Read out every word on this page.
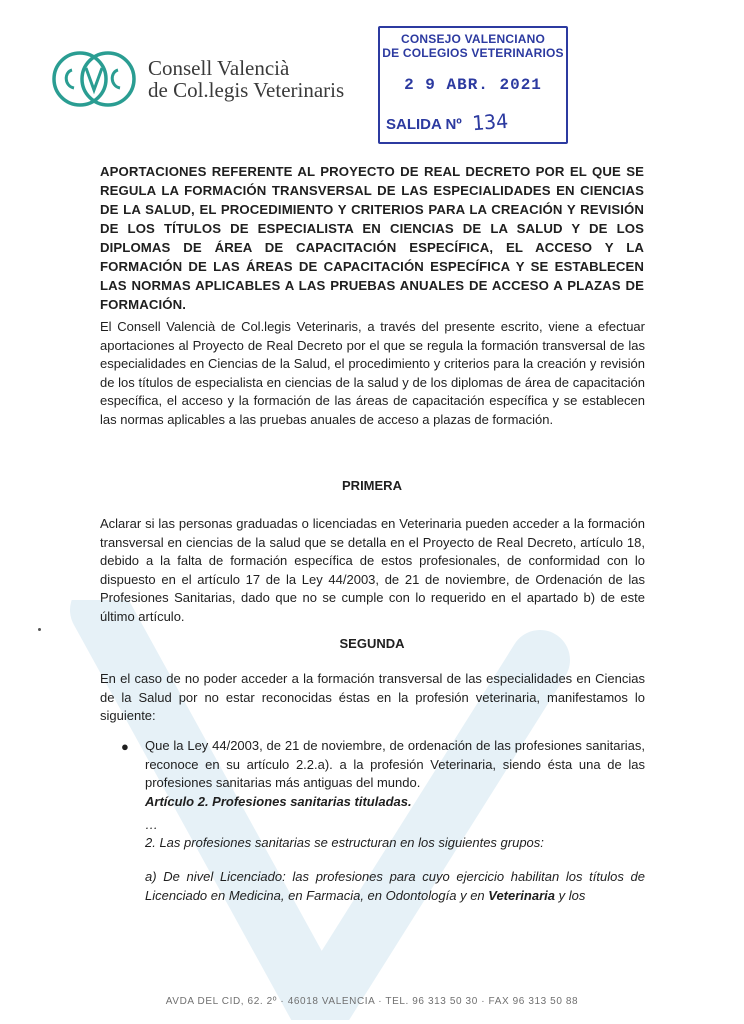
Consell Valencià
de Col.legis Veterinaris
CONSEJO VALENCIANO
DE COLEGIOS VETERINARIOS
2 9 ABR. 2021
SALIDA Nº 134
APORTACIONES REFERENTE AL PROYECTO DE REAL DECRETO POR EL QUE SE REGULA LA FORMACIÓN TRANSVERSAL DE LAS ESPECIALIDADES EN CIENCIAS DE LA SALUD, EL PROCEDIMIENTO Y CRITERIOS PARA LA CREACIÓN Y REVISIÓN DE LOS TÍTULOS DE ESPECIALISTA EN CIENCIAS DE LA SALUD Y DE LOS DIPLOMAS DE ÁREA DE CAPACITACIÓN ESPECÍFICA, EL ACCESO Y LA FORMACIÓN DE LAS ÁREAS DE CAPACITACIÓN ESPECÍFICA Y SE ESTABLECEN LAS NORMAS APLICABLES A LAS PRUEBAS ANUALES DE ACCESO A PLAZAS DE FORMACIÓN.
El Consell Valencià de Col.legis Veterinaris, a través del presente escrito, viene a efectuar aportaciones al Proyecto de Real Decreto por el que se regula la formación transversal de las especialidades en Ciencias de la Salud, el procedimiento y criterios para la creación y revisión de los títulos de especialista en ciencias de la salud y de los diplomas de área de capacitación específica, el acceso y la formación de las áreas de capacitación específica y se establecen las normas aplicables a las pruebas anuales de acceso a plazas de formación.
PRIMERA
Aclarar si las personas graduadas o licenciadas en Veterinaria pueden acceder a la formación transversal en ciencias de la salud que se detalla en el Proyecto de Real Decreto, artículo 18, debido a la falta de formación específica de estos profesionales, de conformidad con lo dispuesto en el artículo 17 de la Ley 44/2003, de 21 de noviembre, de Ordenación de las Profesiones Sanitarias, dado que no se cumple con lo requerido en el apartado b) de este último artículo.
SEGUNDA
En el caso de no poder acceder a la formación transversal de las especialidades en Ciencias de la Salud por no estar reconocidas éstas en la profesión veterinaria, manifestamos lo siguiente:
● Que la Ley 44/2003, de 21 de noviembre, de ordenación de las profesiones sanitarias, reconoce en su artículo 2.2.a). a la profesión Veterinaria, siendo ésta una de las profesiones sanitarias más antiguas del mundo.
Artículo 2. Profesiones sanitarias tituladas.
…
2. Las profesiones sanitarias se estructuran en los siguientes grupos:
a) De nivel Licenciado: las profesiones para cuyo ejercicio habilitan los títulos de Licenciado en Medicina, en Farmacia, en Odontología y en Veterinaria y los
AVDA DEL CID, 62. 2º · 46018 VALENCIA · TEL. 96 313 50 30 · FAX 96 313 50 88
